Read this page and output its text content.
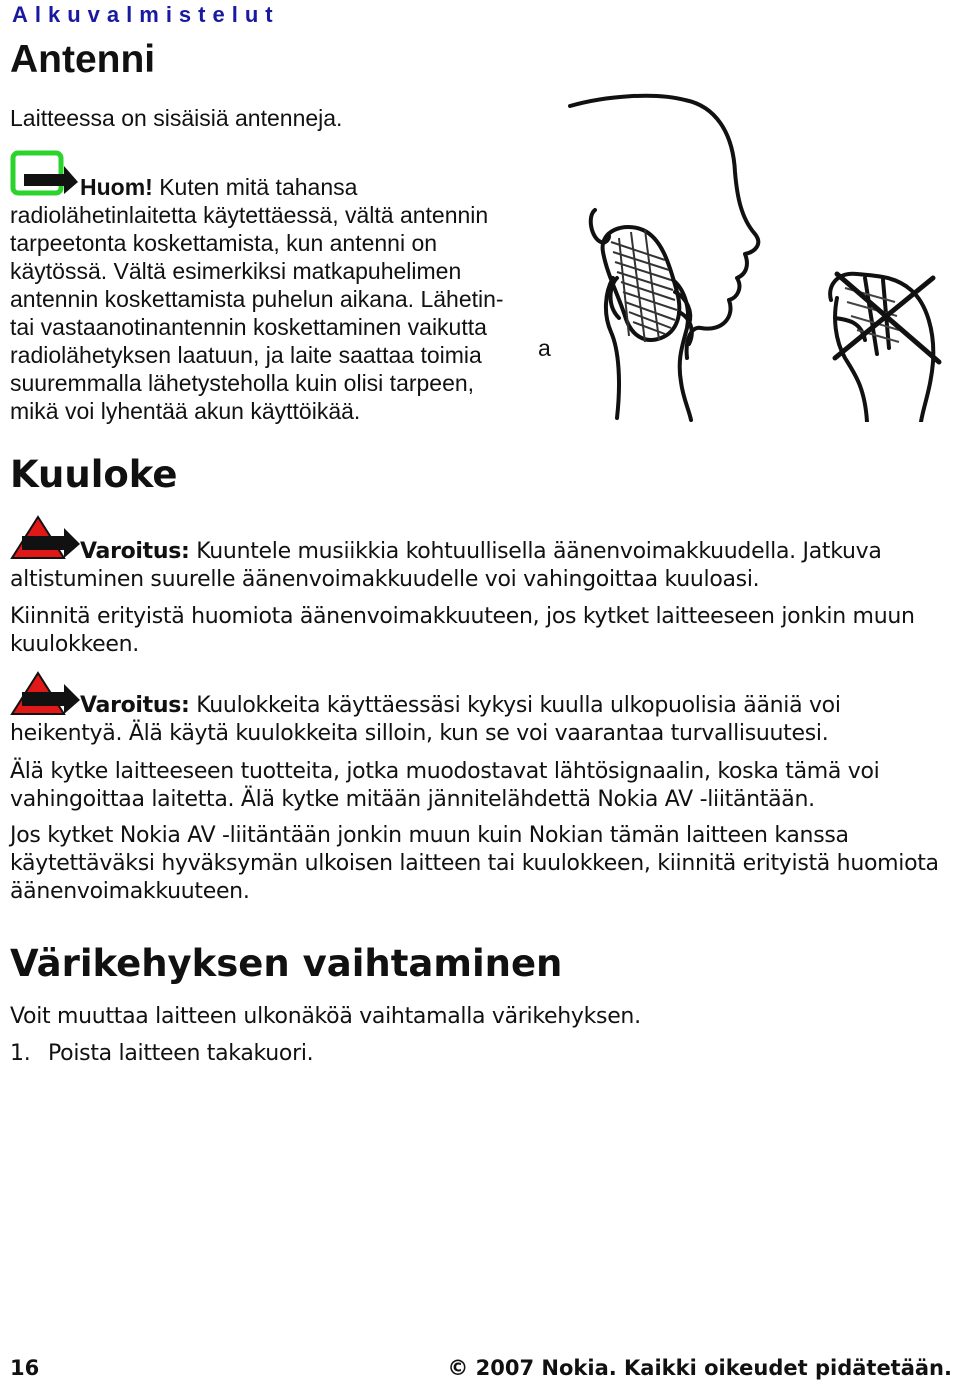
Alkuvalmistelut
Antenni
Laitteessa on sisäisiä antenneja.
Huom! Kuten mitä tahansa
radiolähetinlaitetta käytettäessä, vältä antennin
tarpeetonta koskettamista, kun antenni on
käytössä. Vältä esimerkiksi matkapuhelimen
antennin koskettamista puhelun aikana. Lähetin-
tai vastaanotinantennin koskettaminen vaikutta
radiolähetyksen laatuun, ja laite saattaa toimia
suuremmalla lähetysteholla kuin olisi tarpeen,
mikä voi lyhentää akun käyttöikää.
a
Kuuloke
Varoitus: Kuuntele musiikkia kohtuullisella äänenvoimakkuudella. Jatkuva
altistuminen suurelle äänenvoimakkuudelle voi vahingoittaa kuuloasi.
Kiinnitä erityistä huomiota äänenvoimakkuuteen, jos kytket laitteeseen jonkin muun
kuulokkeen.
Varoitus: Kuulokkeita käyttäessäsi kykysi kuulla ulkopuolisia ääniä voi
heikentyä. Älä käytä kuulokkeita silloin, kun se voi vaarantaa turvallisuutesi.
Älä kytke laitteeseen tuotteita, jotka muodostavat lähtösignaalin, koska tämä voi
vahingoittaa laitetta. Älä kytke mitään jännitelähdettä Nokia AV -liitäntään.
Jos kytket Nokia AV -liitäntään jonkin muun kuin Nokian tämän laitteen kanssa
käytettäväksi hyväksymän ulkoisen laitteen tai kuulokkeen, kiinnitä erityistä huomiota
äänenvoimakkuuteen.
Värikehyksen vaihtaminen
Voit muuttaa laitteen ulkonäköä vaihtamalla värikehyksen.
1. Poista laitteen takakuori.
16	© 2007 Nokia. Kaikki oikeudet pidätetään.
